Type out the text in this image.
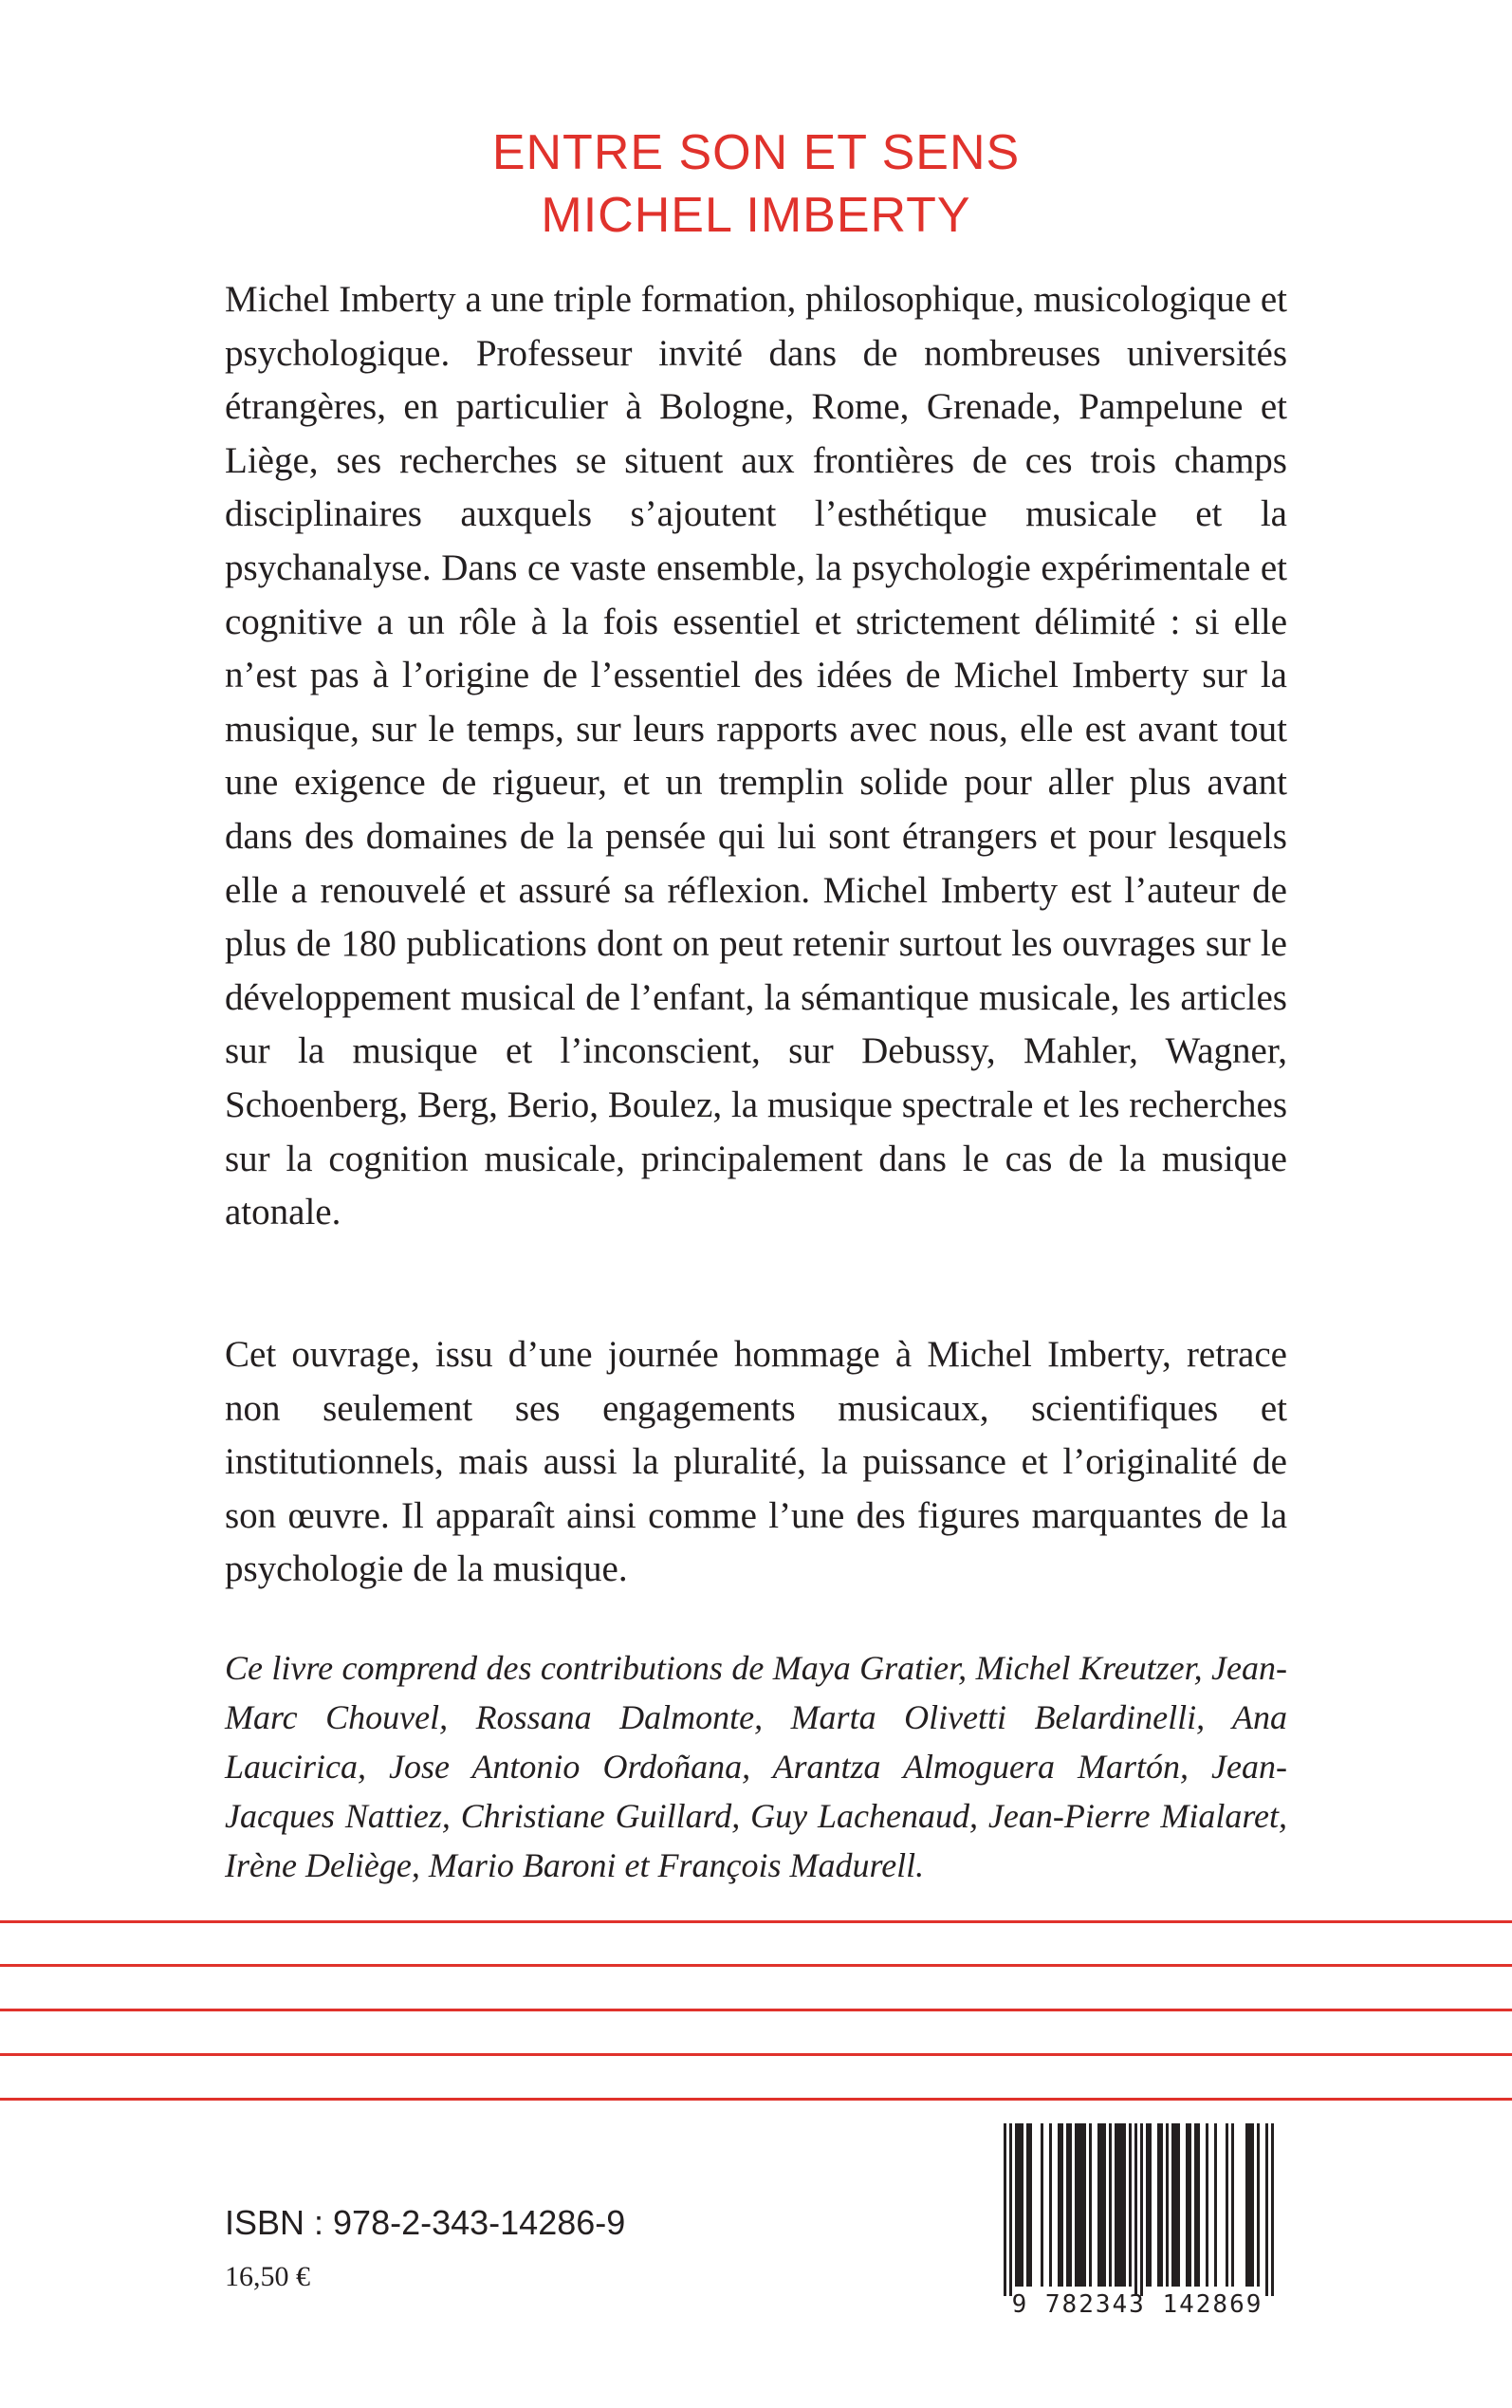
ENTRE SON ET SENS
MICHEL IMBERTY
Michel Imberty a une triple formation, philosophique, musicologique et psychologique. Professeur invité dans de nombreuses universités étrangères, en particulier à Bologne, Rome, Grenade, Pampelune et Liège, ses recherches se situent aux frontières de ces trois champs disciplinaires auxquels s’ajoutent l’esthétique musicale et la psychanalyse. Dans ce vaste ensemble, la psychologie expérimentale et cognitive a un rôle à la fois essentiel et strictement délimité : si elle n’est pas à l’origine de l’essentiel des idées de Michel Imberty sur la musique, sur le temps, sur leurs rapports avec nous, elle est avant tout une exigence de rigueur, et un tremplin solide pour aller plus avant dans des domaines de la pensée qui lui sont étrangers et pour lesquels elle a renouvelé et assuré sa réflexion. Michel Imberty est l’auteur de plus de 180 publications dont on peut retenir surtout les ouvrages sur le développement musical de l’enfant, la sémantique musicale, les articles sur la musique et l’inconscient, sur Debussy, Mahler, Wagner, Schoenberg, Berg, Berio, Boulez, la musique spectrale et les recherches sur la cognition musicale, principalement dans le cas de la musique atonale.
Cet ouvrage, issu d’une journée hommage à Michel Imberty, retrace non seulement ses engagements musicaux, scientifiques et institutionnels, mais aussi la pluralité, la puissance et l’originalité de son œuvre. Il apparaît ainsi comme l’une des figures marquantes de la psychologie de la musique.
Ce livre comprend des contributions de Maya Gratier, Michel Kreutzer, Jean-Marc Chouvel, Rossana Dalmonte, Marta Olivetti Belardinelli, Ana Laucirica, Jose Antonio Ordoñana, Arantza Almoguera Martón, Jean-Jacques Nattiez, Christiane Guillard, Guy Lachenaud, Jean-Pierre Mialaret, Irène Deliège, Mario Baroni et François Madurell.
ISBN : 978-2-343-14286-9
16,50 €
9 782343 142869
